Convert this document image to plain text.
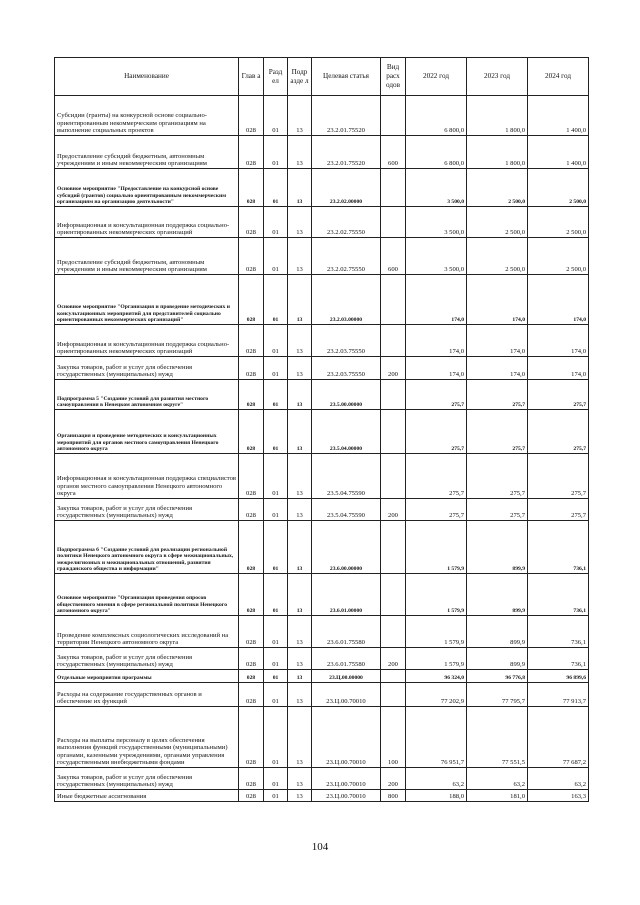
Наименование	Глав а	Разд ел	Подр азде л	Целевая статья	Вид расх одов	2022 год	2023 год	2024 год
Субсидии (гранты) на конкурсной основе социально-ориентированным некоммерческим организациям на выполнение социальных проектов	028	01	13	23.2.01.75520		6 800,0	1 800,0	1 400,0
Предоставление субсидий бюджетным, автономным учреждениям и иным некоммерческим организациям	028	01	13	23.2.01.75520	600	6 800,0	1 800,0	1 400,0
Основное мероприятие "Предоставление на конкурсной основе субсидий (грантов) социально ориентированным некоммерческим организациям на организацию деятельности"	028	01	13	23.2.02.00000		3 500,0	2 500,0	2 500,0
Информационная и консультационная поддержка социально-ориентированных некоммерческих организаций	028	01	13	23.2.02.75550		3 500,0	2 500,0	2 500,0
Предоставление субсидий бюджетным, автономным учреждениям и иным некоммерческим организациям	028	01	13	23.2.02.75550	600	3 500,0	2 500,0	2 500,0
Основное мероприятие "Организация и проведение методических и консультационных мероприятий для представителей социально ориентированных некоммерческих организаций"	028	01	13	23.2.03.00000		174,0	174,0	174,0
Информационная и консультационная поддержка социально-ориентированных некоммерческих организаций	028	01	13	23.2.03.75550		174,0	174,0	174,0
Закупка товаров, работ и услуг для обеспечения государственных (муниципальных) нужд	028	01	13	23.2.03.75550	200	174,0	174,0	174,0
Подпрограмма 5 "Создание условий для развития местного самоуправления в Ненецком автономном округе"	028	01	13	23.5.00.00000		275,7	275,7	275,7
Организация и проведение методических и консультационных мероприятий для органов местного самоуправления Ненецкого автономного округа	028	01	13	23.5.04.00000		275,7	275,7	275,7
Информационная и консультационная поддержка специалистов органов местного самоуправления Ненецкого автономного округа	028	01	13	23.5.04.75590		275,7	275,7	275,7
Закупка товаров, работ и услуг для обеспечения государственных (муниципальных) нужд	028	01	13	23.5.04.75590	200	275,7	275,7	275,7
Подпрограмма 6 "Создание условий для реализации региональной политики Ненецкого автономного округа в сфере межнациональных, межрелигиозных и межнациональных отношений, развития гражданского общества и информации"	028	01	13	23.6.00.00000		1 579,9	899,9	736,1
Основное мероприятие "Организация проведения опросов общественного мнения в сфере региональной политики Ненецкого автономного округа"	028	01	13	23.6.01.00000		1 579,9	899,9	736,1
Проведение комплексных социологических исследований на территории Ненецкого автономного округа	028	01	13	23.6.01.75580		1 579,9	899,9	736,1
Закупка товаров, работ и услуг для обеспечения государственных (муниципальных) нужд	028	01	13	23.6.01.75580	200	1 579,9	899,9	736,1
Отдельные мероприятия программы	028	01	13	23.Ц.00.00000		96 324,0	96 776,8	96 899,6
Расходы на содержание государственных органов и обеспечение их функций	028	01	13	23.Ц.00.70010		77 202,9	77 795,7	77 913,7
Расходы на выплаты персоналу в целях обеспечения выполнения функций государственными (муниципальными) органами, казенными учреждениями, органами управления государственными внебюджетными фондами	028	01	13	23.Ц.00.70010	100	76 951,7	77 551,5	77 687,2
Закупка товаров, работ и услуг для обеспечения государственных (муниципальных) нужд	028	01	13	23.Ц.00.70010	200	63,2	63,2	63,2
Иные бюджетные ассигнования	028	01	13	23.Ц.00.70010	800	188,0	181,0	163,3
104
